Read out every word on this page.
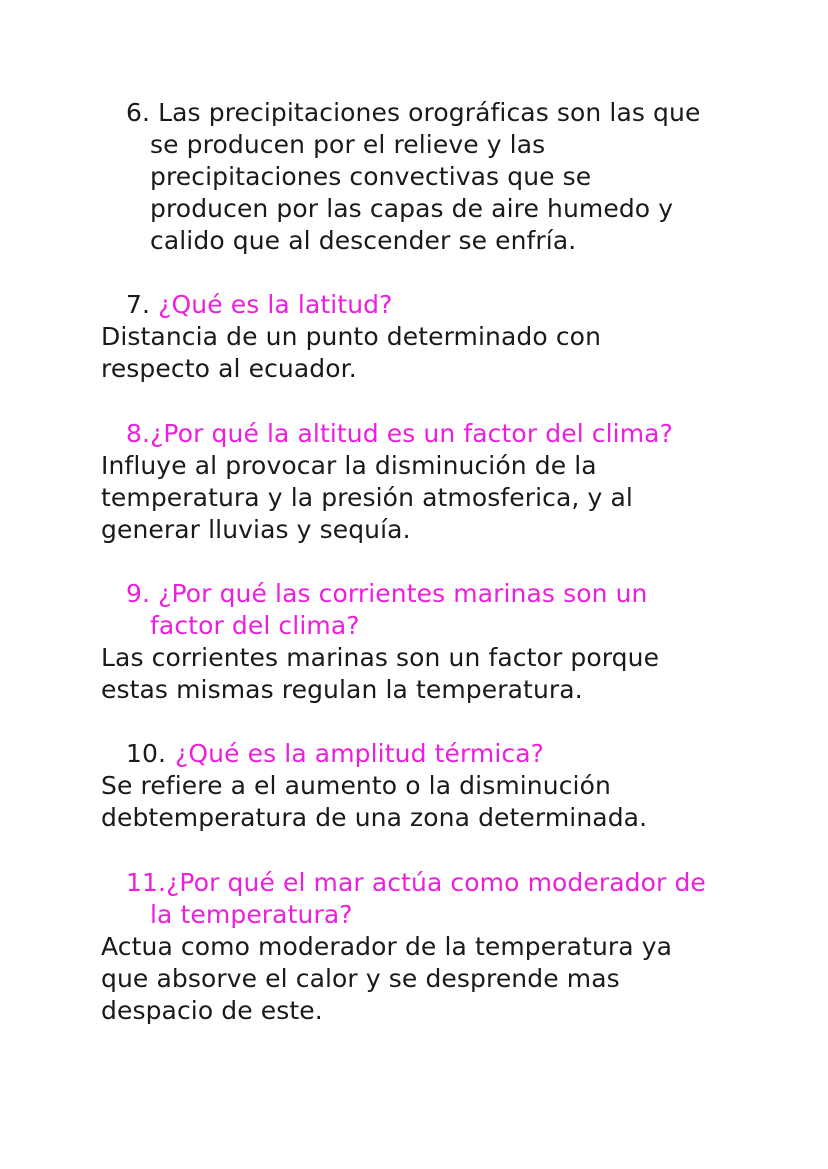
6. Las precipitaciones orográficas son las que
se producen por el relieve y las
precipitaciones convectivas que se
producen por las capas de aire humedo y
calido que al descender se enfría.
7. ¿Qué es la latitud?
Distancia de un punto determinado con
respecto al ecuador.
8.¿Por qué la altitud es un factor del clima?
Influye al provocar la disminución de la
temperatura y la presión atmosferica, y al
generar lluvias y sequía.
9. ¿Por qué las corrientes marinas son un
factor del clima?
Las corrientes marinas son un factor porque
estas mismas regulan la temperatura.
10. ¿Qué es la amplitud térmica?
Se refiere a el aumento o la disminución
debtemperatura de una zona determinada.
11.¿Por qué el mar actúa como moderador de
la temperatura?
Actua como moderador de la temperatura ya
que absorve el calor y se desprende mas
despacio de este.
